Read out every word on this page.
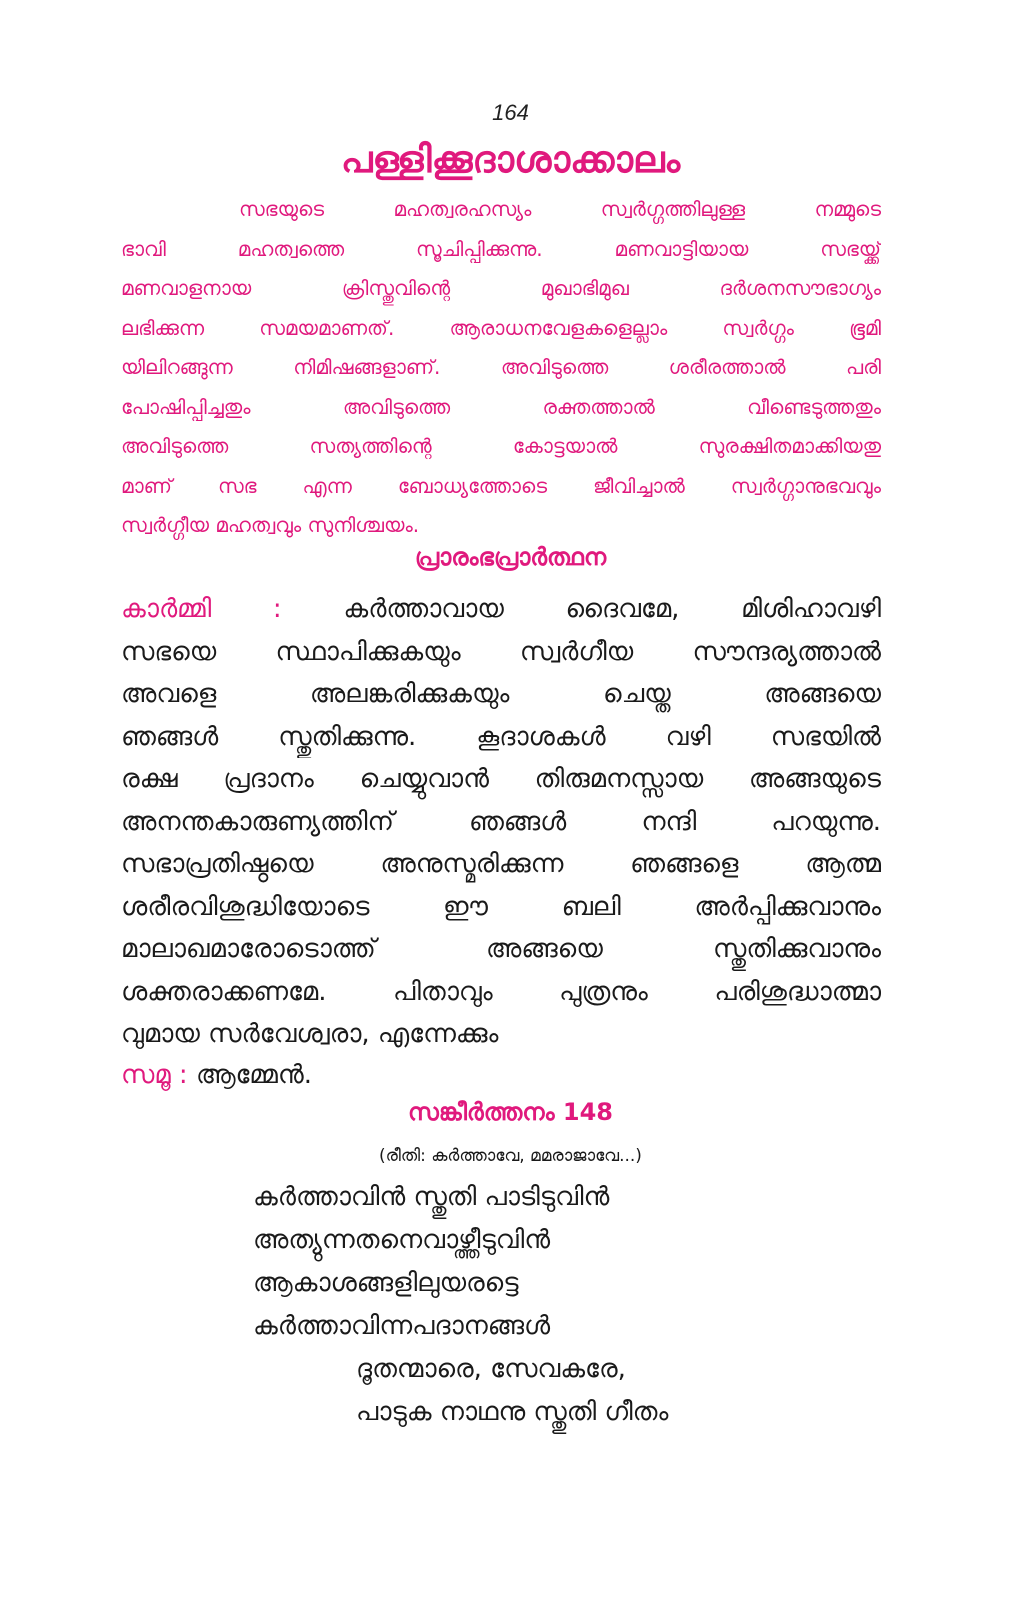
164
പള്ളിക്കൂദാശാക്കാലം
സഭയുടെ മഹത്വരഹസ്യം സ്വർഗ്ഗത്തിലുള്ള നമ്മുടെ
ഭാവി മഹത്വത്തെ സൂചിപ്പിക്കുന്നു. മണവാട്ടിയായ സഭയ്ക്ക്
മണവാളനായ ക്രിസ്തുവിന്റെ മുഖാഭിമുഖ ദർശനസൗഭാഗ്യം
ലഭിക്കുന്ന സമയമാണത്. ആരാധനവേളകളെല്ലാം സ്വർഗ്ഗം ഭൂമി
യിലിറങ്ങുന്ന നിമിഷങ്ങളാണ്. അവിടുത്തെ ശരീരത്താൽ പരി
പോഷിപ്പിച്ചതും അവിടുത്തെ രക്തത്താൽ വീണ്ടെടുത്തതും
അവിടുത്തെ സത്യത്തിന്റെ കോട്ടയാൽ സുരക്ഷിതമാക്കിയതു
മാണ് സഭ എന്ന ബോധ്യത്തോടെ ജീവിച്ചാൽ സ്വർഗ്ഗാനുഭവവും
സ്വർഗ്ഗീയ മഹത്വവും സുനിശ്ചയം.
പ്രാരംഭപ്രാർത്ഥന
കാർമ്മി : കർത്താവായ ദൈവമേ, മിശിഹാവഴി
സഭയെ സ്ഥാപിക്കുകയും സ്വർഗീയ സൗന്ദര്യത്താൽ
അവളെ അലങ്കരിക്കുകയും ചെയ്ത അങ്ങയെ
ഞങ്ങൾ സ്തുതിക്കുന്നു. കൂദാശകൾ വഴി സഭയിൽ
രക്ഷ പ്രദാനം ചെയ്യുവാൻ തിരുമനസ്സായ അങ്ങയുടെ
അനന്തകാരുണ്യത്തിന് ഞങ്ങൾ നന്ദി പറയുന്നു.
സഭാപ്രതിഷ്ഠയെ അനുസ്മരിക്കുന്ന ഞങ്ങളെ ആത്മ
ശരീരവിശുദ്ധിയോടെ ഈ ബലി അർപ്പിക്കുവാനും
മാലാഖമാരോടൊത്ത് അങ്ങയെ സ്തുതിക്കുവാനും
ശക്തരാക്കണമേ. പിതാവും പുത്രനും പരിശുദ്ധാത്മാ
വുമായ സർവേശ്വരാ, എന്നേക്കും
സമൂ : ആമ്മേൻ.
സങ്കീർത്തനം 148
(രീതി: കർത്താവേ, മമരാജാവേ...)
കർത്താവിൻ സ്തുതി പാടിടുവിൻ
അത്യുന്നതനെവാഴ്ത്തീടുവിൻ
ആകാശങ്ങളിലുയരട്ടെ
കർത്താവിന്നപദാനങ്ങൾ
ദൂതന്മാരെ, സേവകരേ,
പാടുക നാഥനു സ്തുതി ഗീതം
